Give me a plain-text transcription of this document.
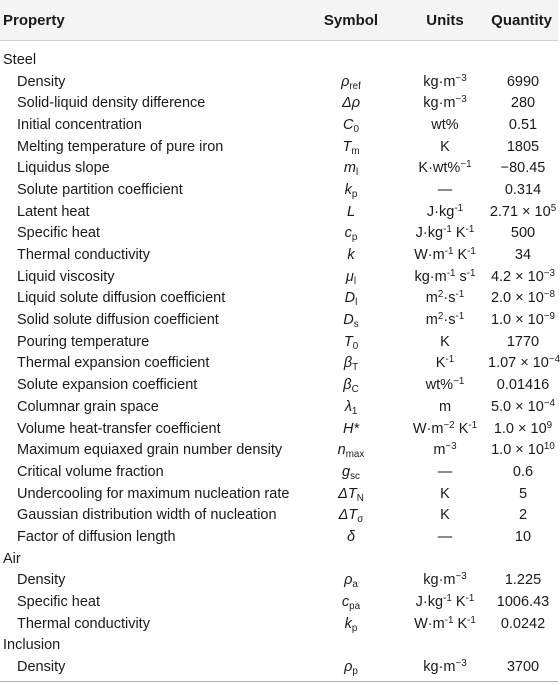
Property	Symbol	Units	Quantity
Steel
Density	$\rho_{ref}$	$kg\cdot m^{-3}$	6990
Solid-liquid density difference	Δρ	$kg\cdot m^{-3}$	280
Initial concentration	$C_0$	wt%	0.51
Melting temperature of pure iron	$T_m$	K	1805
Liquidus slope	$m_l$	K·wt%$^{-1}$	−80.45
Solute partition coefficient	$k_p$	—	0.314
Latent heat	L	$J\cdot kg^{-1}$	$2.71 \times 10^5$
Specific heat	$c_p$	$J\cdot kg^{-1}$ $K^{-1}$	500
Thermal conductivity	k	$W\cdot m^{-1}$ $K^{-1}$	34
Liquid viscosity	$\mu_l$	$kg\cdot m^{-1}$ $s^{-1}$	$4.2 \times 10^{-3}$
Liquid solute diffusion coefficient	$D_l$	$m^2\cdot s^{-1}$	$2.0 \times 10^{-8}$
Solid solute diffusion coefficient	$D_s$	$m^2\cdot s^{-1}$	$1.0 \times 10^{-9}$
Pouring temperature	$T_0$	K	1770
Thermal expansion coefficient	$\beta_T$	$K^{-1}$	$1.07 \times 10^{-4}$
Solute expansion coefficient	$\beta_C$	wt%$^{-1}$	0.01416
Columnar grain space	$\lambda_1$	m	$5.0 \times 10^{-4}$
Volume heat-transfer coefficient	H*	$W\cdot m^{-2}$ $K^{-1}$	$1.0 \times 10^9$
Maximum equiaxed grain number density	$n_{max}$	$m^{-3}$	$1.0 \times 10^{10}$
Critical volume fraction	$g_{sc}$	—	0.6
Undercooling for maximum nucleation rate	$\Delta T_N$	K	5
Gaussian distribution width of nucleation	$\Delta T_\sigma$	K	2
Factor of diffusion length	δ	—	10
Air
Density	$\rho_a$	$kg\cdot m^{-3}$	1.225
Specific heat	$c_{pa}$	$J\cdot kg^{-1}$ $K^{-1}$	1006.43
Thermal conductivity	$k_p$	$W\cdot m^{-1}$ $K^{-1}$	0.0242
Inclusion
Density	$\rho_p$	$kg\cdot m^{-3}$	3700
